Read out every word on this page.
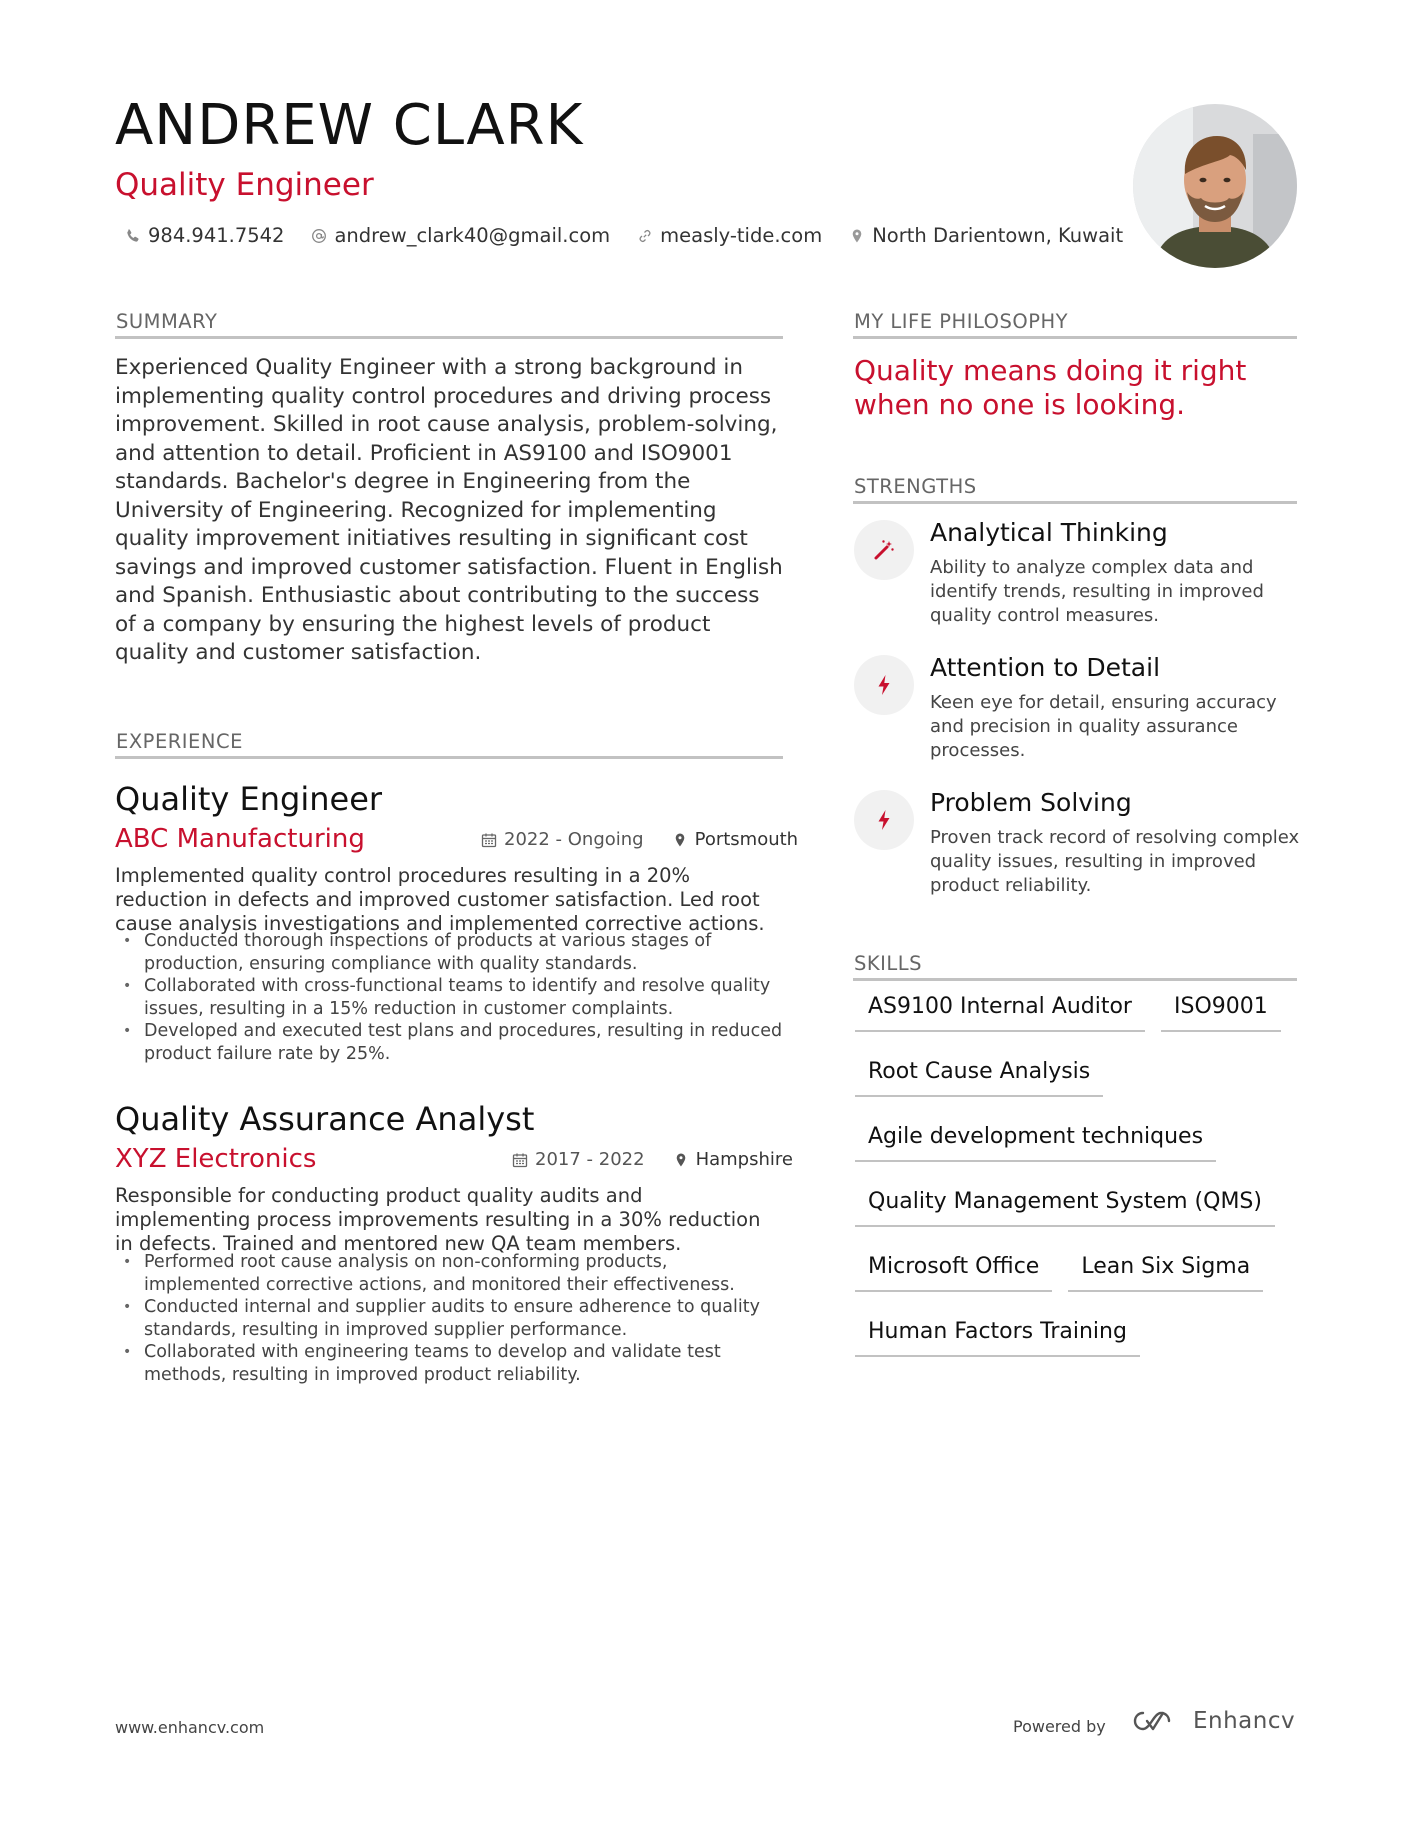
ANDREW CLARK
Quality Engineer
984.941.7542	andrew_clark40@gmail.com	measly-tide.com	North Darientown, Kuwait
SUMMARY
Experienced Quality Engineer with a strong background in implementing quality control procedures and driving process improvement. Skilled in root cause analysis, problem-solving, and attention to detail. Proficient in AS9100 and ISO9001 standards. Bachelor's degree in Engineering from the University of Engineering. Recognized for implementing quality improvement initiatives resulting in significant cost savings and improved customer satisfaction. Fluent in English and Spanish. Enthusiastic about contributing to the success of a company by ensuring the highest levels of product quality and customer satisfaction.
EXPERIENCE
Quality Engineer
ABC Manufacturing	2022 - Ongoing	Portsmouth
Implemented quality control procedures resulting in a 20% reduction in defects and improved customer satisfaction. Led root cause analysis investigations and implemented corrective actions.
• Conducted thorough inspections of products at various stages of production, ensuring compliance with quality standards.
• Collaborated with cross-functional teams to identify and resolve quality issues, resulting in a 15% reduction in customer complaints.
• Developed and executed test plans and procedures, resulting in reduced product failure rate by 25%.
Quality Assurance Analyst
XYZ Electronics	2017 - 2022	Hampshire
Responsible for conducting product quality audits and implementing process improvements resulting in a 30% reduction in defects. Trained and mentored new QA team members.
• Performed root cause analysis on non-conforming products, implemented corrective actions, and monitored their effectiveness.
• Conducted internal and supplier audits to ensure adherence to quality standards, resulting in improved supplier performance.
• Collaborated with engineering teams to develop and validate test methods, resulting in improved product reliability.
MY LIFE PHILOSOPHY
Quality means doing it right when no one is looking.
STRENGTHS
Analytical Thinking
Ability to analyze complex data and identify trends, resulting in improved quality control measures.
Attention to Detail
Keen eye for detail, ensuring accuracy and precision in quality assurance processes.
Problem Solving
Proven track record of resolving complex quality issues, resulting in improved product reliability.
SKILLS
AS9100 Internal Auditor	ISO9001
Root Cause Analysis
Agile development techniques
Quality Management System (QMS)
Microsoft Office	Lean Six Sigma
Human Factors Training
www.enhancv.com	Powered by	Enhancv
